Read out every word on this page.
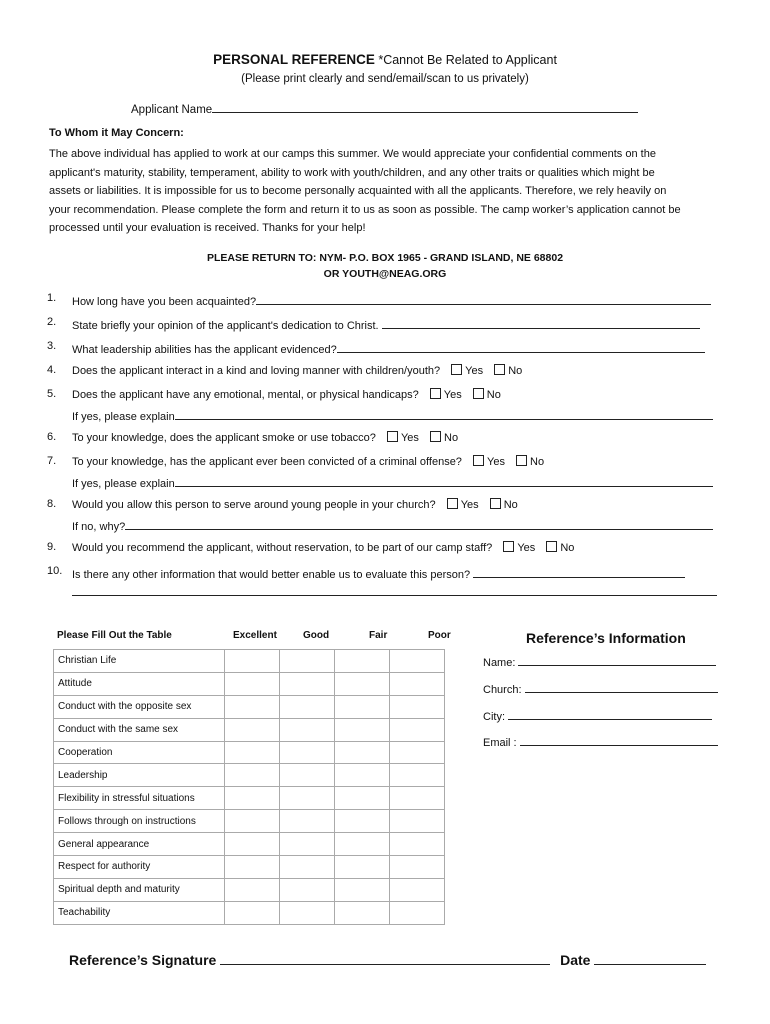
PERSONAL REFERENCE *Cannot Be Related to Applicant
(Please print clearly and send/email/scan to us privately)
Applicant Name
To Whom it May Concern:
The above individual has applied to work at our camps this summer. We would appreciate your confidential comments on the
applicant's maturity, stability, temperament, ability to work with youth/children, and any other traits or qualities which might be
assets or liabilities. It is impossible for us to become personally acquainted with all the applicants. Therefore, we rely heavily on
your recommendation. Please complete the form and return it to us as soon as possible. The camp worker’s application cannot be
processed until your evaluation is received. Thanks for your help!
PLEASE RETURN TO: NYM- P.O. BOX 1965 - GRAND ISLAND, NE 68802
OR YOUTH@NEAG.ORG
1. How long have you been acquainted?
2. State briefly your opinion of the applicant's dedication to Christ.
3. What leadership abilities has the applicant evidenced?
4. Does the applicant interact in a kind and loving manner with children/youth? Yes No
5. Does the applicant have any emotional, mental, or physical handicaps? Yes No
If yes, please explain
6. To your knowledge, does the applicant smoke or use tobacco? Yes No
7. To your knowledge, has the applicant ever been convicted of a criminal offense? Yes No
If yes, please explain
8. Would you allow this person to serve around young people in your church? Yes No
If no, why?
9. Would you recommend the applicant, without reservation, to be part of our camp staff? Yes No
10. Is there any other information that would better enable us to evaluate this person?
Please Fill Out the Table	Excellent	Good	Fair	Poor
Christian Life				
Attitude				
Conduct with the opposite sex				
Conduct with the same sex				
Cooperation				
Leadership				
Flexibility in stressful situations				
Follows through on instructions				
General appearance				
Respect for authority				
Spiritual depth and maturity				
Teachability				
Reference’s Information
Name:
Church:
City:
Email :
Reference’s Signature	Date
